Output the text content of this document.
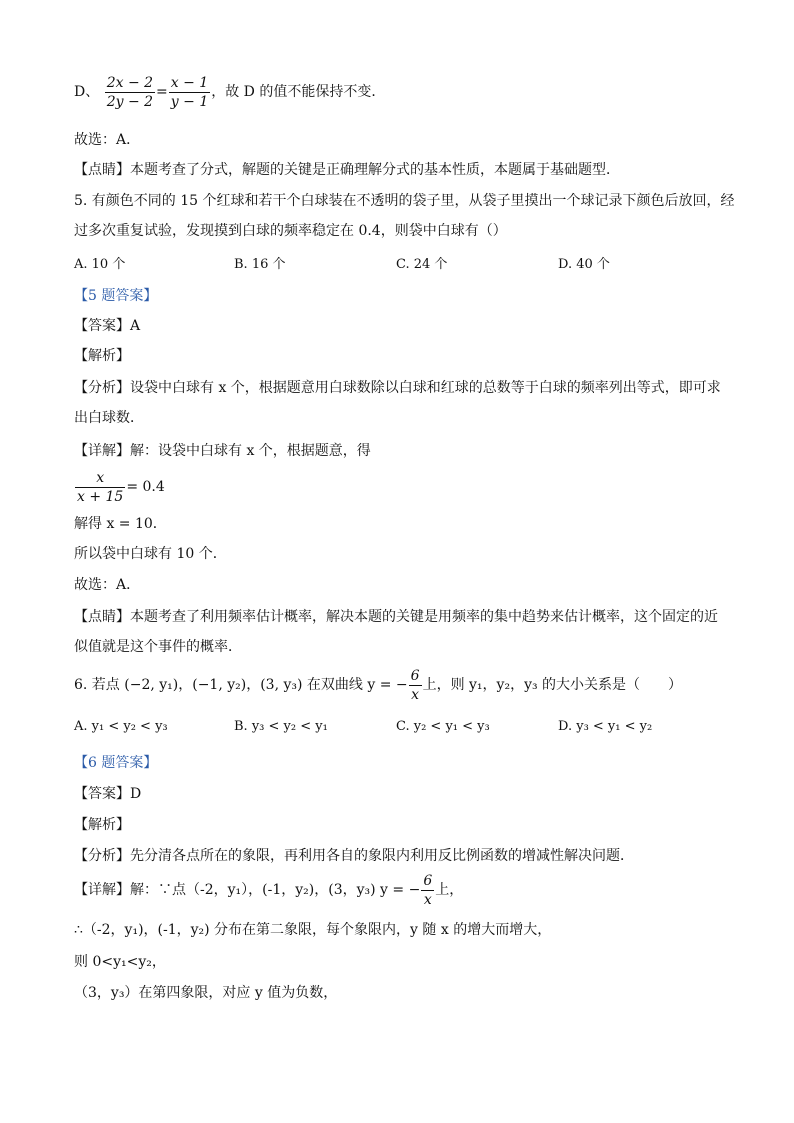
D、 $\frac{2x - 2}{2y - 2} = \frac{x - 1}{y - 1}$ ，故 D 的值不能保持不变．
故选：A．
【点睛】本题考查了分式，解题的关键是正确理解分式的基本性质，本题属于基础题型．
5. 有颜色不同的 15 个红球和若干个白球装在不透明的袋子里，从袋子里摸出一个球记录下颜色后放回，经
过多次重复试验，发现摸到白球的频率稳定在 0.4，则袋中白球有（）
A. 10 个	B. 16 个	C. 24 个	D. 40 个
【5 题答案】
【答案】A
【解析】
【分析】设袋中白球有 x 个，根据题意用白球数除以白球和红球的总数等于白球的频率列出等式，即可求
出白球数．
【详解】解：设袋中白球有 x 个，根据题意，得
$\frac{x}{x + 15} = 0.4$
解得 x = 10．
所以袋中白球有 10 个．
故选：A．
【点睛】本题考查了利用频率估计概率，解决本题的关键是用频率的集中趋势来估计概率，这个固定的近
似值就是这个事件的概率．
6. 若点 (−2, y₁)，(−1, y₂)，(3, y₃) 在双曲线 y = − $\frac{6}{x}$ 上，则 y₁，y₂，y₃ 的大小关系是（　　）
A. y₁ < y₂ < y₃	B. y₃ < y₂ < y₁	C. y₂ < y₁ < y₃	D. y₃ < y₁ < y₂
【6 题答案】
【答案】D
【解析】
【分析】先分清各点所在的象限，再利用各自的象限内利用反比例函数的增减性解决问题．
【详解】解：∵点（-2，y₁），(-1，y₂)，(3，y₃) y = − $\frac{6}{x}$ 上，
∴（-2，y₁)，(-1，y₂) 分布在第二象限，每个象限内，y 随 x 的增大而增大，
则 0<y₁<y₂，
（3，y₃）在第四象限，对应 y 值为负数，
